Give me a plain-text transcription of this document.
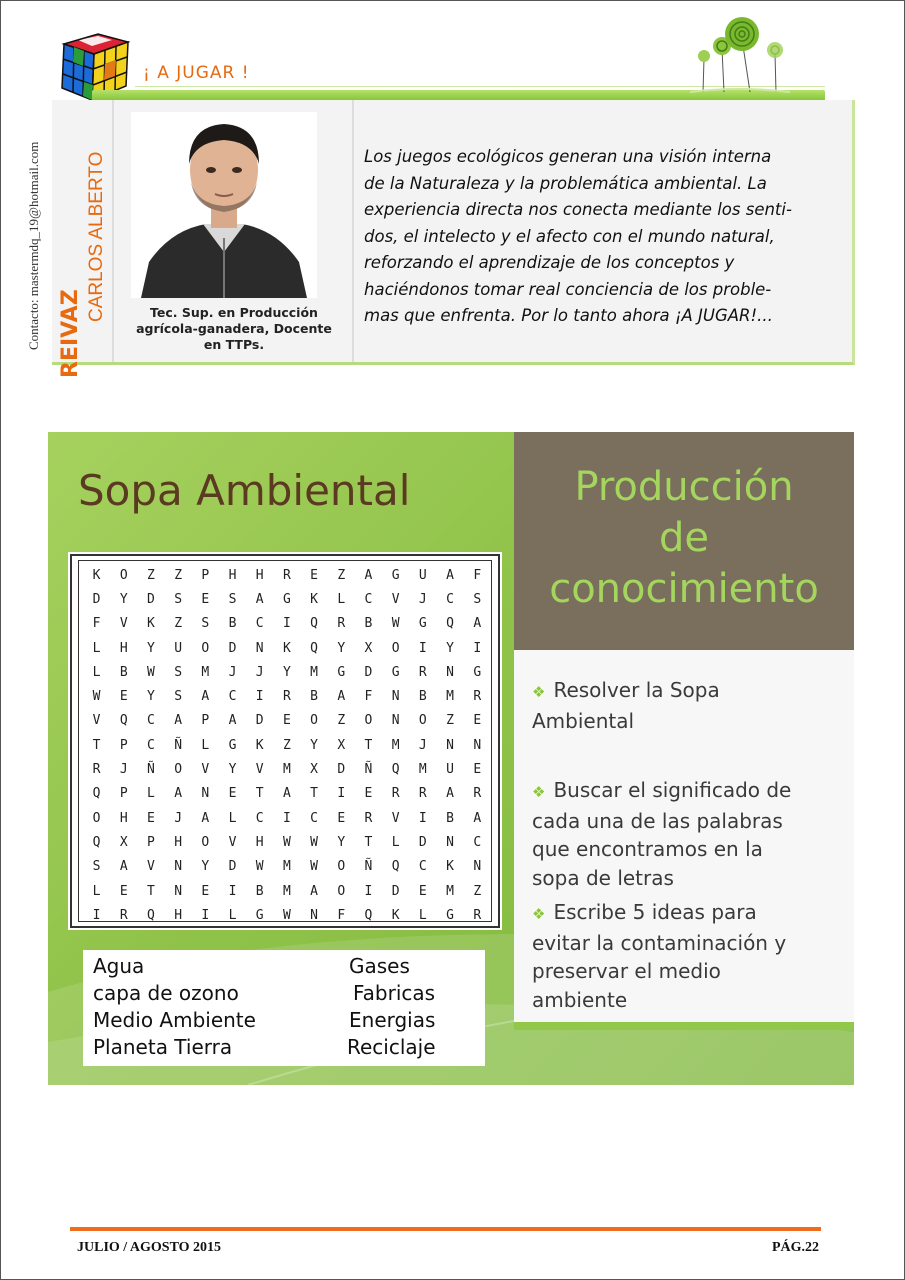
¡ A JUGAR !
Contacto: mastermdq_19@hotmail.com REIVAZ
CARLOS ALBERTO	Tec. Sup. en Producción
agrícola-ganadera, Docente
en TTPs.
Los juegos ecológicos generan una visión interna
de la Naturaleza y la problemática ambiental. La
experiencia directa nos conecta mediante los senti-
dos, el intelecto y el afecto con el mundo natural,
reforzando el aprendizaje de los conceptos y
haciéndonos tomar real conciencia de los proble-
mas que enfrenta. Por lo tanto ahora ¡A JUGAR!...
Sopa Ambiental
K	O	Z	Z	P	H	H	R	E	Z	A	G	U	A	F
D	Y	D	S	E	S	A	G	K	L	C	V	J	C	S
F	V	K	Z	S	B	C	I	Q	R	B	W	G	Q	A
L	H	Y	U	O	D	N	K	Q	Y	X	O	I	Y	I
L	B	W	S	M	J	J	Y	M	G	D	G	R	N	G
W	E	Y	S	A	C	I	R	B	A	F	N	B	M	R
V	Q	C	A	P	A	D	E	O	Z	O	N	O	Z	E
T	P	C	Ñ	L	G	K	Z	Y	X	T	M	J	N	N
R	J	Ñ	O	V	Y	V	M	X	D	Ñ	Q	M	U	E
Q	P	L	A	N	E	T	A	T	I	E	R	R	A	R
O	H	E	J	A	L	C	I	C	E	R	V	I	B	A
Q	X	P	H	O	V	H	W	W	Y	T	L	D	N	C
S	A	V	N	Y	D	W	M	W	O	Ñ	Q	C	K	N
L	E	T	N	E	I	B	M	A	O	I	D	E	M	Z
I	R	Q	H	I	L	G	W	N	F	Q	K	L	G	R
Agua	Gases
capa de ozono	Fabricas
Medio Ambiente	Energias
Planeta Tierra	Reciclaje
Producción
de
conocimiento
❖ Resolver la Sopa
Ambiental
❖ Buscar el significado de
cada una de las palabras
que encontramos en la
sopa de letras
❖ Escribe 5 ideas para
evitar la contaminación y
preservar el medio
ambiente
JULIO / AGOSTO 2015	PÁG.22
